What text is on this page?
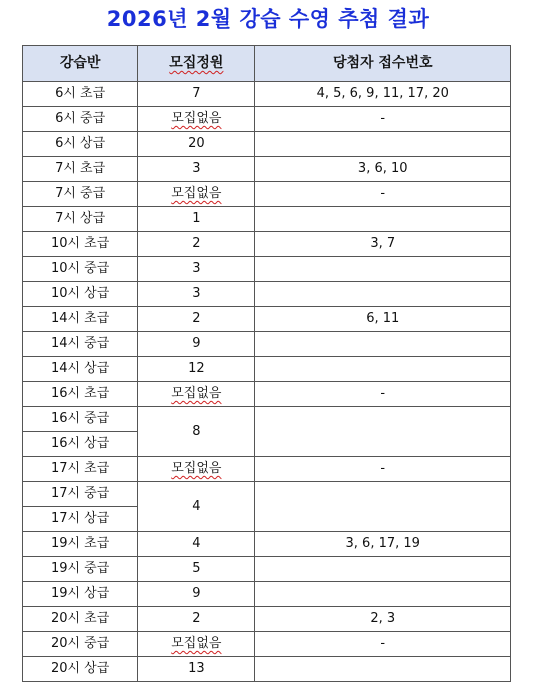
2026년 2월 강습 수영 추첨 결과
강습반	모집정원	당첨자 접수번호
6시 초급	7	4, 5, 6, 9, 11, 17, 20
6시 중급	모집없음	-
6시 상급	20	
7시 초급	3	3, 6, 10
7시 중급	모집없음	-
7시 상급	1	
10시 초급	2	3, 7
10시 중급	3	
10시 상급	3	
14시 초급	2	6, 11
14시 중급	9	
14시 상급	12	
16시 초급	모집없음	-
16시 중급	8	
16시 상급		
17시 초급	모집없음	-
17시 중급	4	
17시 상급		
19시 초급	4	3, 6, 17, 19
19시 중급	5	
19시 상급	9	
20시 초급	2	2, 3
20시 중급	모집없음	-
20시 상급	13	
